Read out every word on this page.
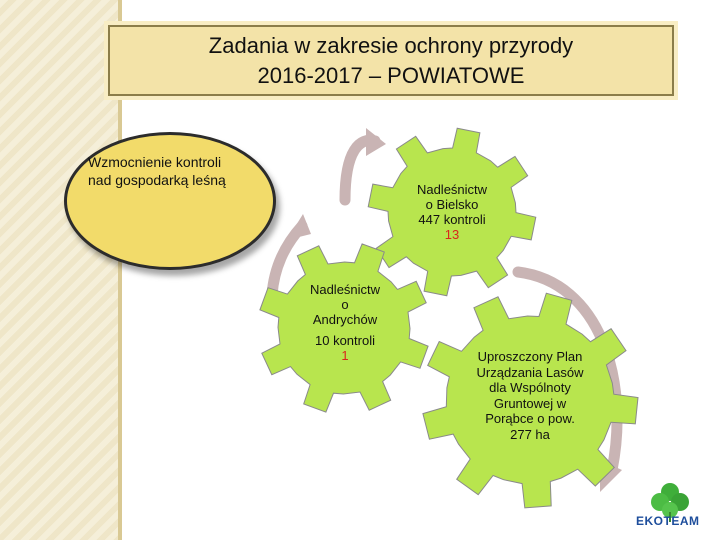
Zadania w zakresie ochrony przyrody
2016-2017 – POWIATOWE
Wzmocnienie kontroli
nad gospodarką leśną
Nadleśnictw
o Bielsko
447 kontroli
13
Nadleśnictw
o
Andrychów
10 kontroli
1	Uproszczony Plan
Urządzania Lasów
dla Wspólnoty
Gruntowej w
Porąbce o pow.
277 ha
EKOTEAM
